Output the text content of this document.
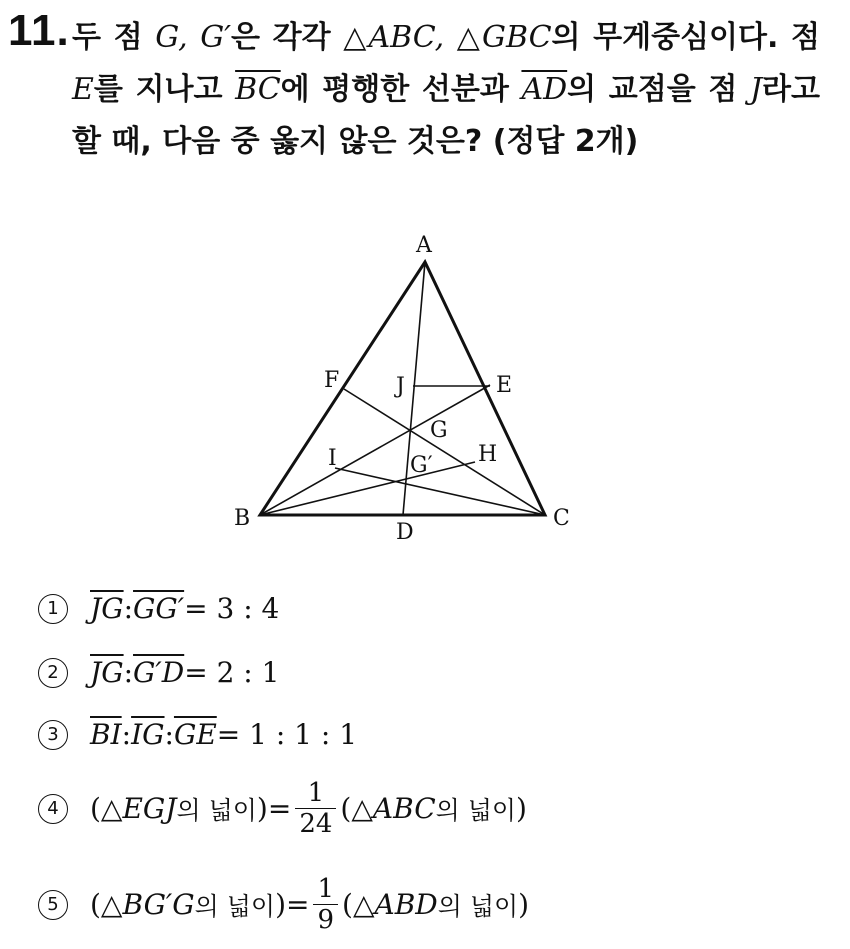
11. 두 점 G, G′은 각각 △ABC, △GBC의 무게중심이다. 점 E를 지나고 $\overline{BC}$에 평행한 선분과 $\overline{AD}$의 교점을 점 J라고 할 때, 다음 중 옳지 않은 것은? (정답 2개)
A
B	C
D
E
F
G
G′ H
I
J
1	$\overline{JG}$ : GG′ = 3 : 4
2	$\overline{JG}$ : G′D = 2 : 1
3	$\overline{BI}$ : $\overline{IG}$ : $\overline{GE} = 1$ : 1 : 1
4	(△ EGJ 의 넓이 ) = $\frac{1}{24}$ (△ ABC 의 넓이 )
5	(△ BG′G 의 넓이 ) = $\frac{1}{9}$ (△ ABD 의 넓이 )
